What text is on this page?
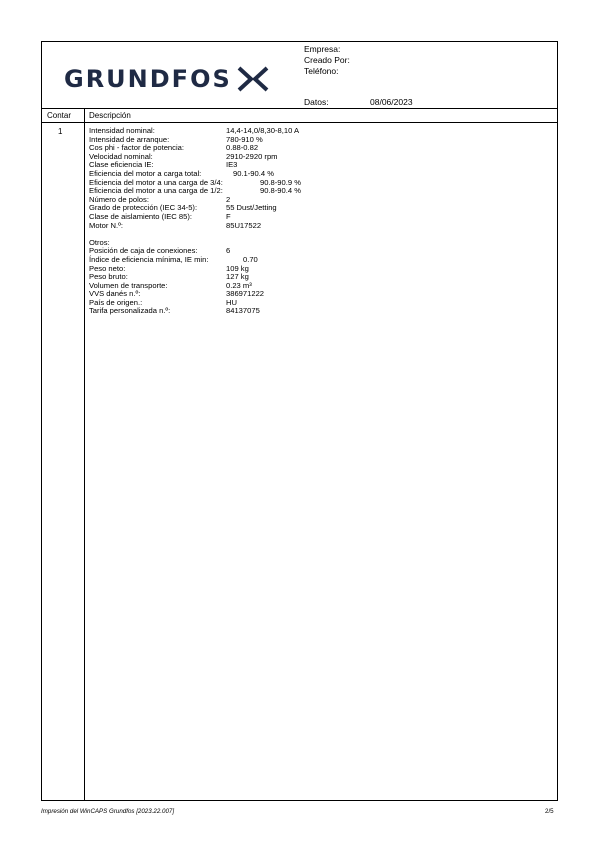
GRUNDFOS
Empresa:
Creado Por:
Teléfono:
Datos:	08/06/2023
Contar Descripción
1	Intensidad nominal:	14,4-14,0/8,30-8,10 A
Intensidad de arranque:	780-910 %
Cos phi - factor de potencia:	0.88-0.82
Velocidad nominal:	2910-2920 rpm
Clase eficiencia IE:	IE3
Eficiencia del motor a carga total:	90.1-90.4 %
Eficiencia del motor a una carga de 3/4:	90.8-90.9 %
Eficiencia del motor a una carga de 1/2:	90.8-90.4 %
Número de polos:	2
Grado de protección (IEC 34-5):	55 Dust/Jetting
Clase de aislamiento (IEC 85):	F
Motor N.º:	85U17522
Otros:
Posición de caja de conexiones:	6
Índice de eficiencia mínima, IE min:	0.70
Peso neto:	109 kg
Peso bruto:	127 kg
Volumen de transporte:	0.23 m³
VVS danés n.º:	386971222
País de origen.:	HU
Tarifa personalizada n.º:	84137075
Impresión del WinCAPS Grundfos [2023.22.007]	2/5
